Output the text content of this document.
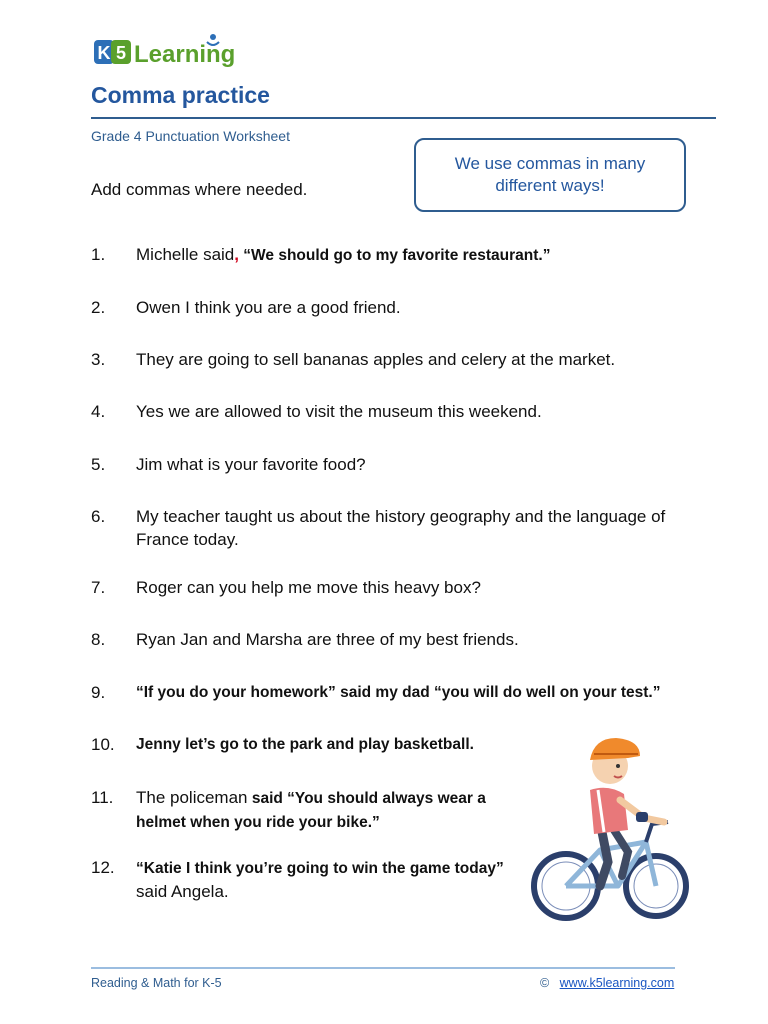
K 5 Learning
Comma practice
Grade 4 Punctuation Worksheet
We use commas in many different ways!
Add commas where needed.
1.	Michelle said, “We should go to my favorite restaurant.”
2.	Owen I think you are a good friend.
3.	They are going to sell bananas apples and celery at the market.
4.	Yes we are allowed to visit the museum this weekend.
5.	Jim what is your favorite food?
6.	My teacher taught us about the history geography and the language of France today.
7.	Roger can you help me move this heavy box?
8.	Ryan Jan and Marsha are three of my best friends.
9.	“If you do your homework” said my dad “you will do well on your test.”
10.	Jenny let’s go to the park and play basketball.
11.	The policeman said “You should always wear a helmet when you ride your bike.”
12.	“Katie I think you’re going to win the game today”
said Angela.
Reading & Math for K-5	© www.k5learning.com
